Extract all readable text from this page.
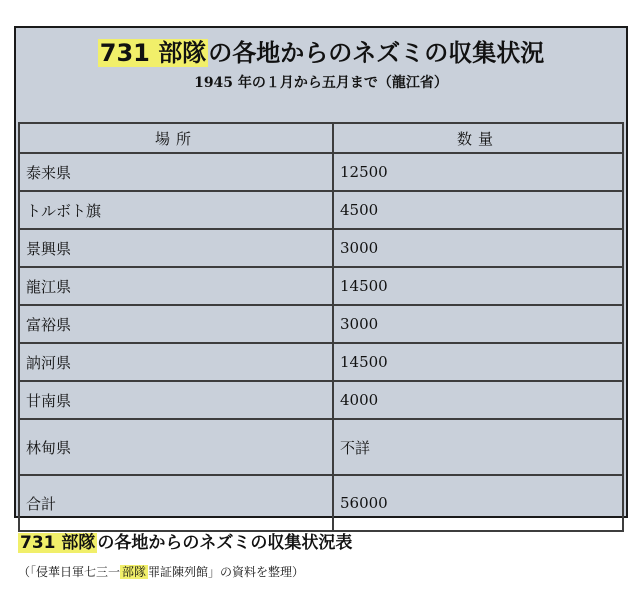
731 部隊の各地からのネズミの収集状況
1945 年の１月から五月まで（龍江省）
場所	数量
泰来県	12500
トルボト旗	4500
景興県	3000
龍江県	14500
富裕県	3000
訥河県	14500
甘南県	4000
林甸県	不詳
合計	56000
731 部隊 の各地からのネズミの収集状況表
（「侵華日軍七三一 部隊 罪証陳列館」の資料を整理）
